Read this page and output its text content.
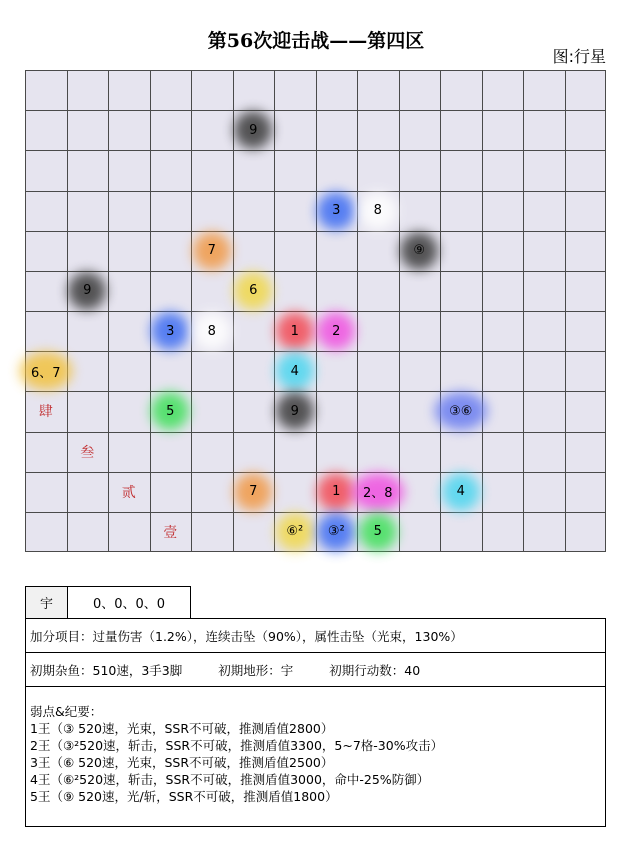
第56次迎击战——第四区
图:行星
9
3	8
7	⑨
9	6
3	8	1	2
6、7	4
5	9	③⑥
7	1 2、8	4
⑥² ③² 5
肆
叁
贰
壹
宇	0、0、0、0
加分项目：过量伤害（1.2%），连续击坠（90%），属性击坠（光束，130%）
初期杂鱼：510速，3手3脚	初期地形：宇	初期行动数：40
弱点&纪要：
1王（③ 520速，光束，SSR不可破，推测盾值2800）
2王（③²520速，斩击，SSR不可破，推测盾值3300，5~7格-30%攻击）
3王（⑥ 520速，光束，SSR不可破，推测盾值2500）
4王（⑥²520速，斩击，SSR不可破，推测盾值3000，命中-25%防御）
5王（⑨ 520速，光/斩，SSR不可破，推测盾值1800）
